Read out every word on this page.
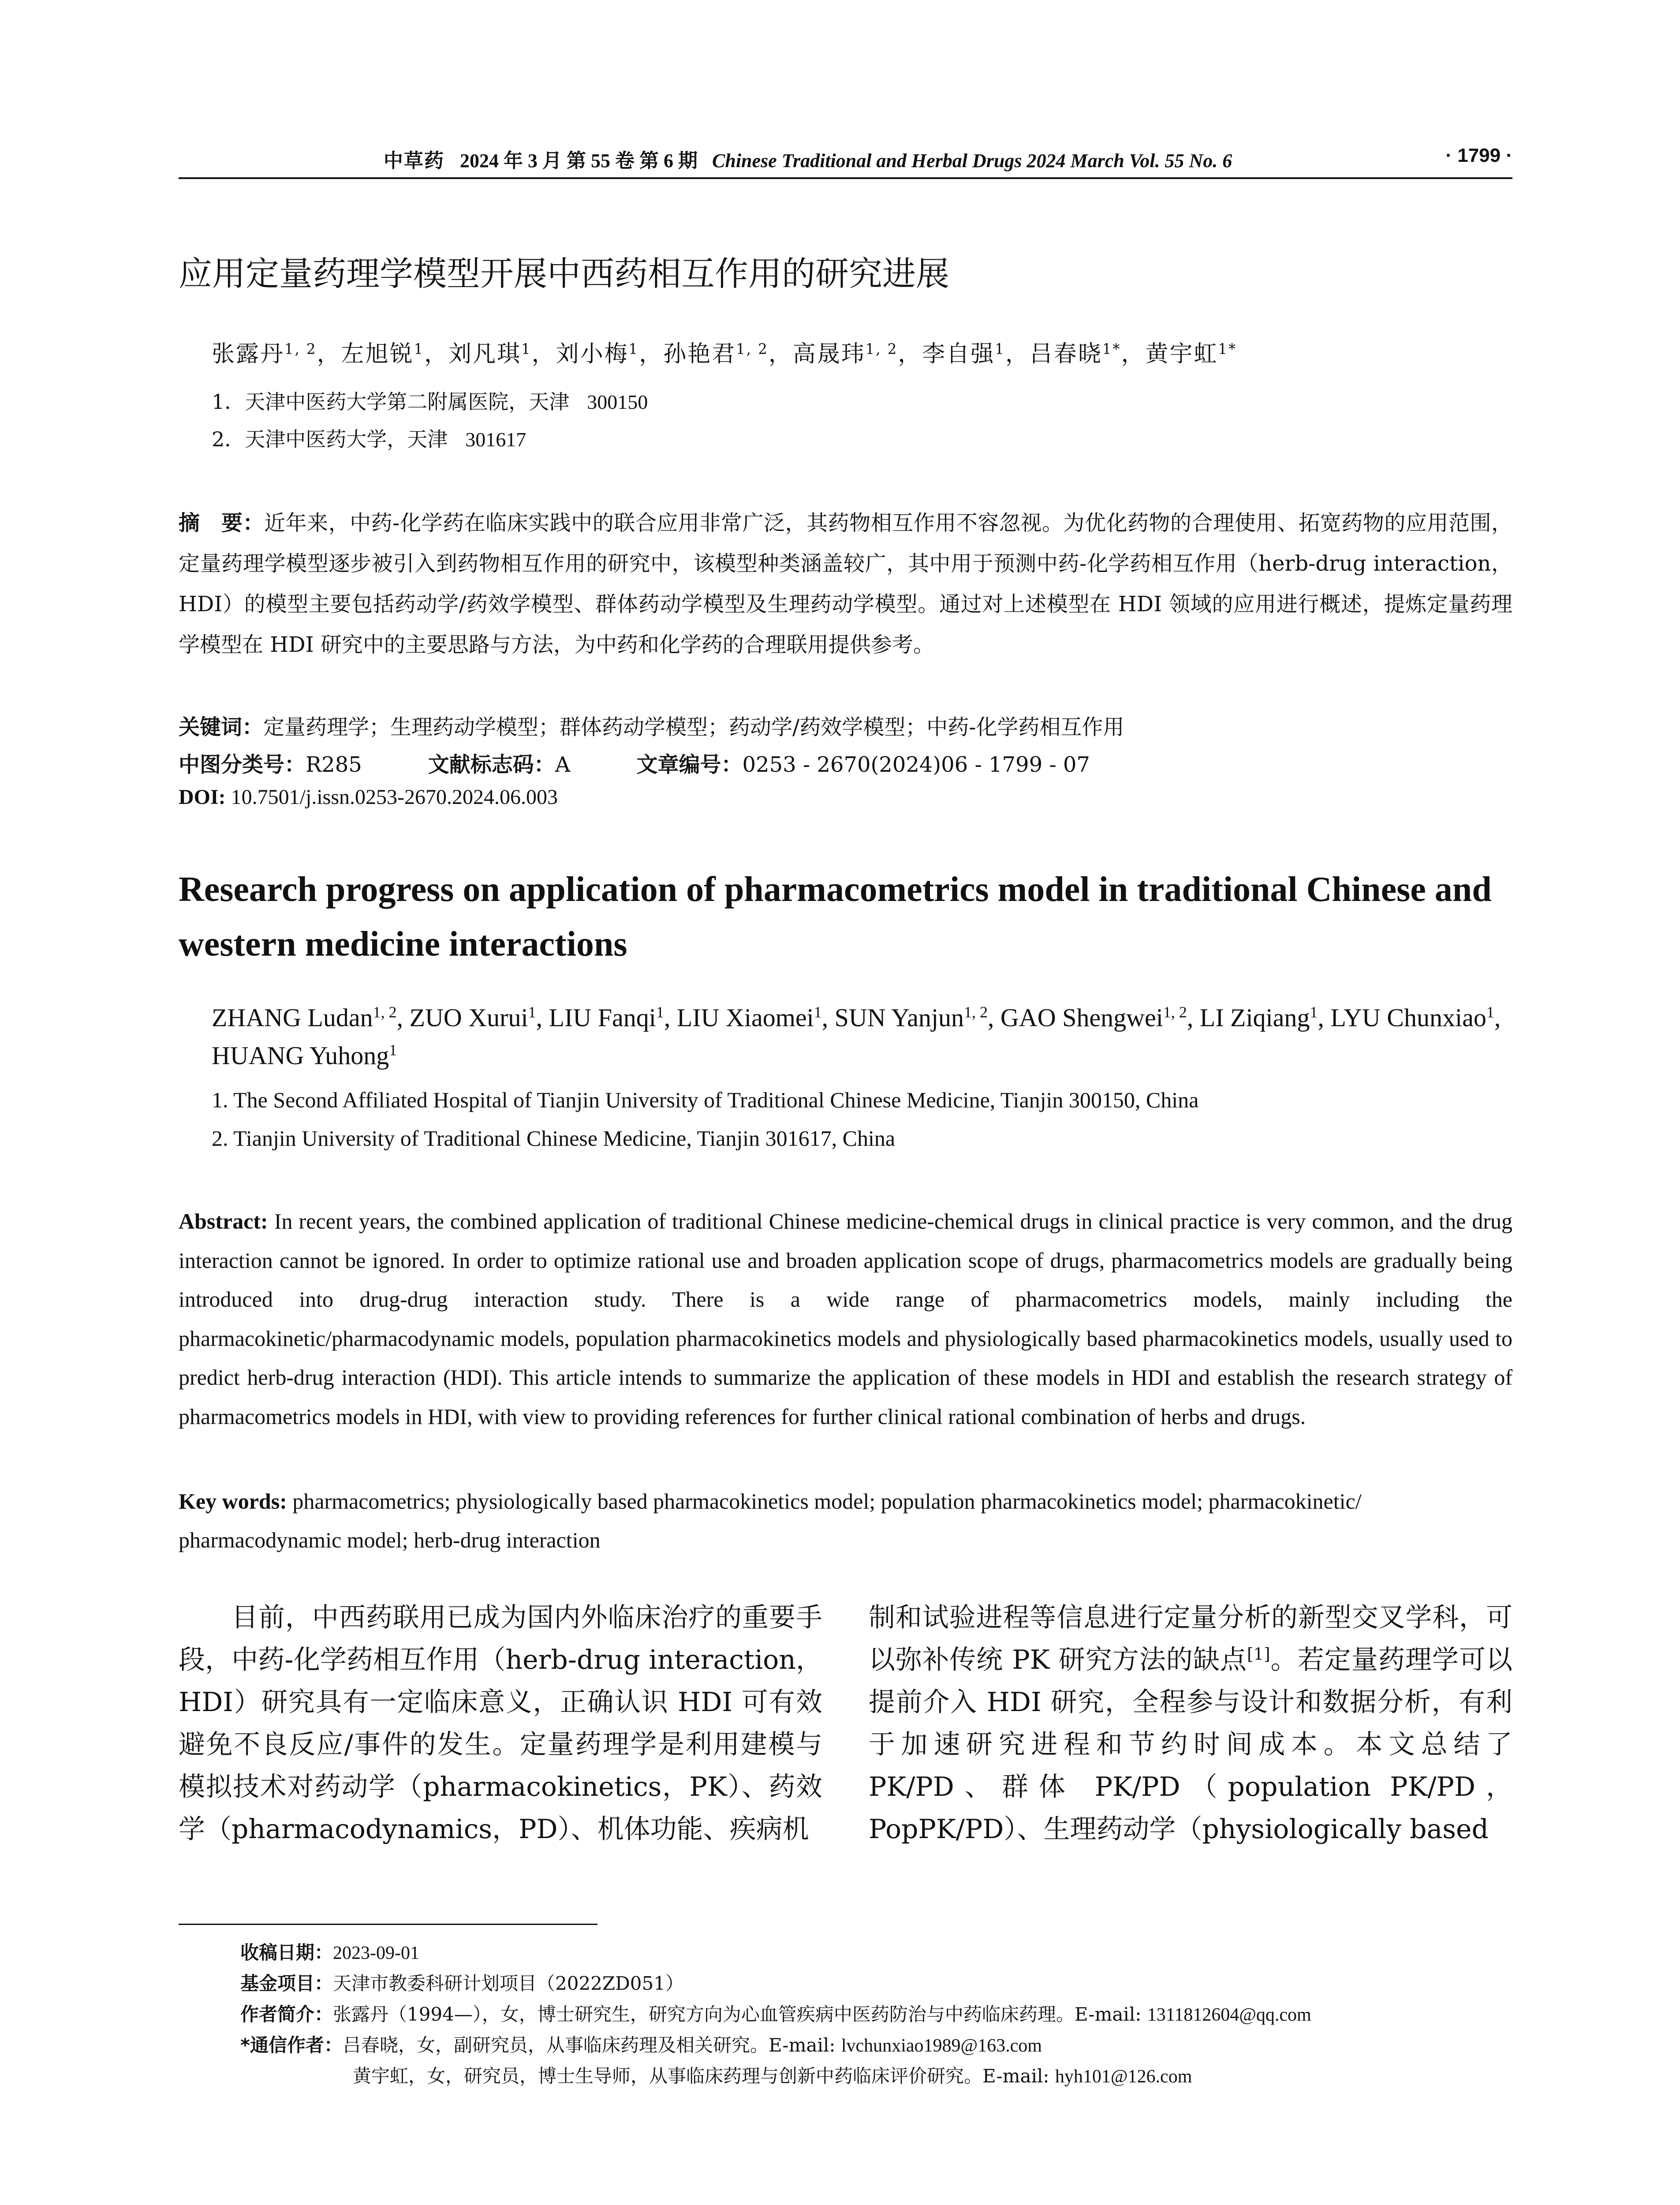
中草药 2024 年 3 月 第 55 卷 第 6 期 Chinese Traditional and Herbal Drugs 2024 March Vol. 55 No. 6	· 1799 ·
应用定量药理学模型开展中西药相互作用的研究进展
张露丹$^{1, 2}$，左旭锐$^1$，刘凡琪$^1$，刘小梅$^1$，孙艳君$^{1, 2}$，高晟玮$^{1, 2}$，李自强$^1$，吕春晓$^{1*}$，黄宇虹$^{1*}$
1．天津中医药大学第二附属医院，天津 300150
2．天津中医药大学，天津 301617
摘　要：近年来，中药-化学药在临床实践中的联合应用非常广泛，其药物相互作用不容忽视。为优化药物的合理使用、拓宽药物的应用范围，定量药理学模型逐步被引入到药物相互作用的研究中，该模型种类涵盖较广，其中用于预测中药-化学药相互作用（herb-drug interaction，HDI）的模型主要包括药动学/药效学模型、群体药动学模型及生理药动学模型。通过对上述模型在 HDI 领域的应用进行概述，提炼定量药理学模型在 HDI 研究中的主要思路与方法，为中药和化学药的合理联用提供参考。
关键词：定量药理学；生理药动学模型；群体药动学模型；药动学/药效学模型；中药-化学药相互作用
中图分类号：R285	文献标志码：A	文章编号：0253 - 2670(2024)06 - 1799 - 07
DOI: 10.7501/j.issn.0253-2670.2024.06.003
Research progress on application of pharmacometrics model in traditional Chinese and western medicine interactions
ZHANG Ludan$^{1, 2}$, ZUO Xurui$^1$, LIU Fanqi$^1$, LIU Xiaomei$^1$, SUN Yanjun$^{1, 2}$, GAO Shengwei$^{1, 2}$, LI Ziqiang$^1$, LYU Chunxiao$^1$, HUANG Yuhong$^1$
1. The Second Affiliated Hospital of Tianjin University of Traditional Chinese Medicine, Tianjin 300150, China
2. Tianjin University of Traditional Chinese Medicine, Tianjin 301617, China
Abstract: In recent years, the combined application of traditional Chinese medicine-chemical drugs in clinical practice is very common, and the drug interaction cannot be ignored. In order to optimize rational use and broaden application scope of drugs, pharmacometrics models are gradually being introduced into drug-drug interaction study. There is a wide range of pharmacometrics models, mainly including the pharmacokinetic/pharmacodynamic models, population pharmacokinetics models and physiologically based pharmacokinetics models, usually used to predict herb-drug interaction (HDI). This article intends to summarize the application of these models in HDI and establish the research strategy of pharmacometrics models in HDI, with view to providing references for further clinical rational combination of herbs and drugs.
Key words: pharmacometrics; physiologically based pharmacokinetics model; population pharmacokinetics model; pharmacokinetic/ pharmacodynamic model; herb-drug interaction
目前，中西药联用已成为国内外临床治疗的重要手段，中药-化学药相互作用（herb-drug interaction，HDI）研究具有一定临床意义，正确认识 HDI 可有效避免不良反应/事件的发生。定量药理学是利用建模与模拟技术对药动学（pharmacokinetics，PK）、药效学（pharmacodynamics，PD）、机体功能、疾病机
制和试验进程等信息进行定量分析的新型交叉学科，可以弥补传统 PK 研究方法的缺点[1]。若定量药理学可以提前介入 HDI 研究，全程参与设计和数据分析，有利于加速研究进程和节约时间成本。本文总结了 PK/PD、群体 PK/PD（population PK/PD，PopPK/PD）、生理药动学（physiologically based
收稿日期：2023-09-01
基金项目：天津市教委科研计划项目（2022ZD051）
作者简介：张露丹（1994—），女，博士研究生，研究方向为心血管疾病中医药防治与中药临床药理。E-mail: 1311812604@qq.com
*通信作者：吕春晓，女，副研究员，从事临床药理及相关研究。E-mail: lvchunxiao1989@163.com
黄宇虹，女，研究员，博士生导师，从事临床药理与创新中药临床评价研究。E-mail: hyh101@126.com
